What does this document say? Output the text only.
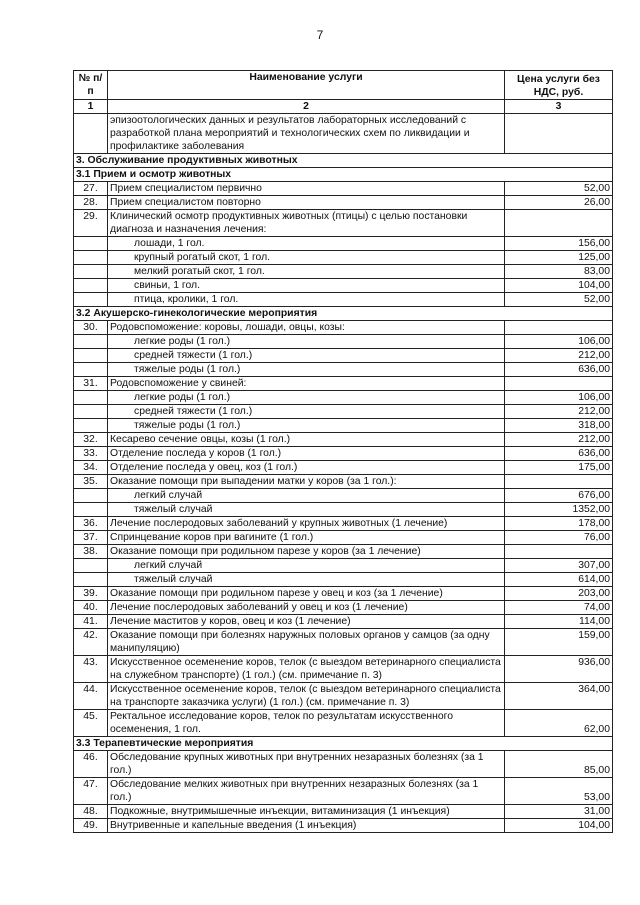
7
№ п/п	Наименование услуги	Цена услуги без НДС, руб.
1	2	3
	эпизоотологических данных и результатов лабораторных исследований с разработкой плана мероприятий и технологических схем по ликвидации и профилактике заболевания	
3. Обслуживание продуктивных животных		
3.1 Прием и осмотр животных		
27.	Прием специалистом первично	52,00
28.	Прием специалистом повторно	26,00
29.	Клинический осмотр продуктивных животных (птицы) с целью постановки диагноза и назначения лечения:	
	лошади, 1 гол.	156,00
	крупный рогатый скот, 1 гол.	125,00
	мелкий рогатый скот, 1 гол.	83,00
	свиньи, 1 гол.	104,00
	птица, кролики, 1 гол.	52,00
3.2 Акушерско-гинекологические мероприятия		
30.	Родовспоможение: коровы, лошади, овцы, козы:	
	легкие роды (1 гол.)	106,00
	средней тяжести (1 гол.)	212,00
	тяжелые роды (1 гол.)	636,00
31.	Родовспоможение у свиней:	
	легкие роды (1 гол.)	106,00
	средней тяжести (1 гол.)	212,00
	тяжелые роды (1 гол.)	318,00
32.	Кесарево сечение овцы, козы (1 гол.)	212,00
33.	Отделение последа у коров (1 гол.)	636,00
34.	Отделение последа у овец, коз (1 гол.)	175,00
35.	Оказание помощи при выпадении матки у коров (за 1 гол.):	
	легкий случай	676,00
	тяжелый случай	1352,00
36.	Лечение послеродовых заболеваний у крупных животных (1 лечение)	178,00
37.	Спринцевание коров при вагините (1 гол.)	76,00
38.	Оказание помощи при родильном парезе у коров (за 1 лечение)	
	легкий случай	307,00
	тяжелый случай	614,00
39.	Оказание помощи при родильном парезе у овец и коз (за 1 лечение)	203,00
40.	Лечение послеродовых заболеваний у овец и коз (1 лечение)	74,00
41.	Лечение маститов у коров, овец и коз (1 лечение)	114,00
42.	Оказание помощи при болезнях наружных половых органов у самцов (за одну манипуляцию)	159,00
43.	Искусственное осеменение коров, телок (с выездом ветеринарного специалиста на служебном транспорте) (1 гол.) (см. примечание п. 3)	936,00
44.	Искусственное осеменение коров, телок (с выездом ветеринарного специалиста на транспорте заказчика услуги) (1 гол.) (см. примечание п. 3)	364,00
45.	Ректальное исследование коров, телок по результатам искусственного осеменения, 1 гол.	62,00
3.3 Терапевтические мероприятия		
46.	Обследование крупных животных при внутренних незаразных болезнях (за 1 гол.)	85,00
47.	Обследование мелких животных при внутренних незаразных болезнях (за 1 гол.)	53,00
48.	Подкожные, внутримышечные инъекции, витаминизация (1 инъекция)	31,00
49.	Внутривенные и капельные введения (1 инъекция)	104,00
